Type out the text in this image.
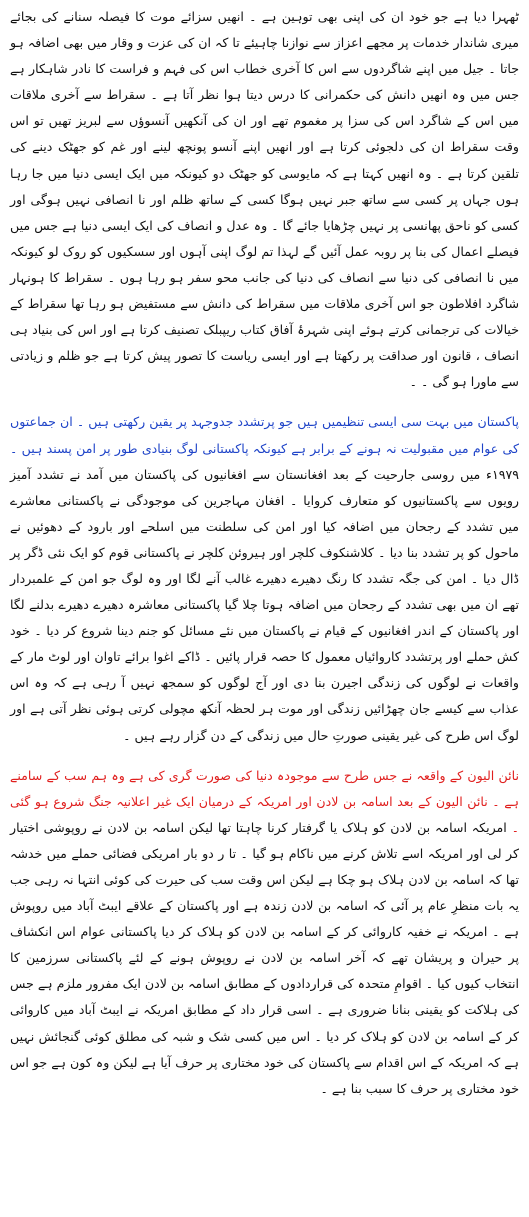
ٹھہرا دیا ہے جو خود ان کی اپنی بھی توہین ہے ۔ انھیں سزائے موت کا فیصلہ سنانے کی بجائے میری شاندار خدمات پر مجھے اعزاز سے نوازنا چاہیئے تا کہ ان کی عزت و وقار میں بھی اضافہ ہو جاتا ۔ جیل میں اپنے شاگردوں سے اس کا آخری خطاب اس کی فہم و فراست کا نادر شاہکار ہے جس میں وہ انھیں دانش کی حکمرانی کا درس دیتا ہوا نظر آتا ہے ۔ سقراط سے آخری ملاقات میں اس کے شاگرد اس کی سزا پر مغموم تھے اور ان کی آنکھیں آنسوؤں سے لبریز تھیں تو اس وقت سقراط ان کی دلجوئی کرتا ہے اور انھیں اپنے آنسو پونچھ لینے اور غم کو جھٹک دینے کی تلقین کرتا ہے ۔ وہ انھیں کہتا ہے کہ مایوسی کو جھٹک دو کیونکہ میں ایک ایسی دنیا میں جا رہا ہوں جہاں پر کسی سے ساتھ جبر نہیں ہوگا کسی کے ساتھ ظلم اور نا انصافی نہیں ہوگی اور کسی کو ناحق پھانسی پر نہیں چڑھایا جائے گا ۔ وہ عدل و انصاف کی ایک ایسی دنیا ہے جس میں فیصلے اعمال کی بنا پر روبہ عمل آئیں گے لہذا تم لوگ اپنی آہوں اور سسکیوں کو روک لو کیونکہ میں نا انصافی کی دنیا سے انصاف کی دنیا کی جانب محو سفر ہو رہا ہوں ۔ سقراط کا ہونہار شاگرد افلاطون جو اس آخری ملاقات میں سقراط کی دانش سے مستفیض ہو رہا تھا سقراط کے خیالات کی ترجمانی کرتے ہوئے اپنی شہرۂ آفاق کتاب ریپبلک تصنیف کرتا ہے اور اس کی بنیاد ہی انصاف ، قانون اور صداقت پر رکھتا ہے اور ایسی ریاست کا تصور پیش کرتا ہے جو ظلم و زیادتی سے ماورا ہو گی ۔ ۔

پاکستان میں بہت سی ایسی تنظیمیں ہیں جو پرتشدد جدوجہد پر یقین رکھتی ہیں ۔ ان جماعتوں کی عوام میں مقبولیت نہ ہونے کے برابر ہے کیونکہ پاکستانی لوگ بنیادی طور پر امن پسند ہیں ۔ ۱۹۷۹ء میں روسی جارحیت کے بعد افغانستان سے افغانیوں کی پاکستان میں آمد نے تشدد آمیز رویوں سے پاکستانیوں کو متعارف کروایا ۔ افغان مہاجرین کی موجودگی نے پاکستانی معاشرے میں تشدد کے رجحان میں اضافہ کیا اور امن کی سلطنت میں اسلحے اور بارود کے دھوئیں نے ماحول کو پر تشدد بنا دیا ۔ کلاشنکوف کلچر اور ہیروئن کلچر نے پاکستانی قوم کو ایک نئی ڈگر پر ڈال دیا ۔ امن کی جگہ تشدد کا رنگ دھیرے دھیرے غالب آنے لگا اور وہ لوگ جو امن کے علمبردار تھے ان میں بھی تشدد کے رجحان میں اضافہ ہوتا چلا گیا پاکستانی معاشرہ دھیرے دھیرے بدلنے لگا اور پاکستان کے اندر افغانیوں کے قیام نے پاکستان میں نئے مسائل کو جنم دینا شروع کر دیا ۔ خود کش حملے اور پرتشدد کاروائیاں معمول کا حصہ قرار پائیں ۔ ڈاکے اغوا برائے تاوان اور لوٹ مار کے واقعات نے لوگوں کی زندگی اجیرن بنا دی اور آج لوگوں کو سمجھ نہیں آ رہی ہے کہ وہ اس عذاب سے کیسے جان چھڑائیں زندگی اور موت ہر لحظہ آنکھ مچولی کرتی ہوئی نظر آتی ہے اور لوگ اس طرح کی غیر یقینی صورتِ حال میں زندگی کے دن گزار رہے ہیں ۔

نائن الیون کے واقعہ نے جس طرح سے موجودہ دنیا کی صورت گری کی ہے وہ ہم سب کے سامنے ہے ۔ نائن الیون کے بعد اسامہ بن لادن اور امریکہ کے درمیان ایک غیر اعلانیہ جنگ شروع ہو گئی ۔ امریکہ اسامہ بن لادن کو ہلاک یا گرفتار کرنا چاہتا تھا لیکن اسامہ بن لادن نے روپوشی اختیار کر لی اور امریکہ اسے تلاش کرنے میں ناکام ہو گیا ۔ تا ر دو بار امریکی فضائی حملے میں خدشہ تھا کہ اسامہ بن لادن ہلاک ہو چکا ہے لیکن اس وقت سب کی حیرت کی کوئی انتہا نہ رہی جب یہ بات منظرِ عام پر آئی کہ اسامہ بن لادن زندہ ہے اور پاکستان کے علاقے ایبٹ آباد میں روپوش ہے ۔ امریکہ نے خفیہ کاروائی کر کے اسامہ بن لادن کو ہلاک کر دیا پاکستانی عوام اس انکشاف پر حیران و پریشان تھے کہ آخر اسامہ بن لادن نے روپوش ہونے کے لئے پاکستانی سرزمین کا انتخاب کیوں کیا ۔ اقوامِ متحدہ کی قراردادوں کے مطابق اسامہ بن لادن ایک مفرور ملزم ہے جس کی ہلاکت کو یقینی بنانا ضروری ہے ۔ اسی قرار داد کے مطابق امریکہ نے ایبٹ آباد میں کاروائی کر کے اسامہ بن لادن کو ہلاک کر دیا ۔ اس میں کسی شک و شبہ کی مطلق کوئی گنجائش نہیں ہے کہ امریکہ کے اس اقدام سے پاکستان کی خود مختاری پر حرف آیا ہے لیکن وہ کون ہے جو اس خود مختاری پر حرف کا سبب بنا ہے ۔
